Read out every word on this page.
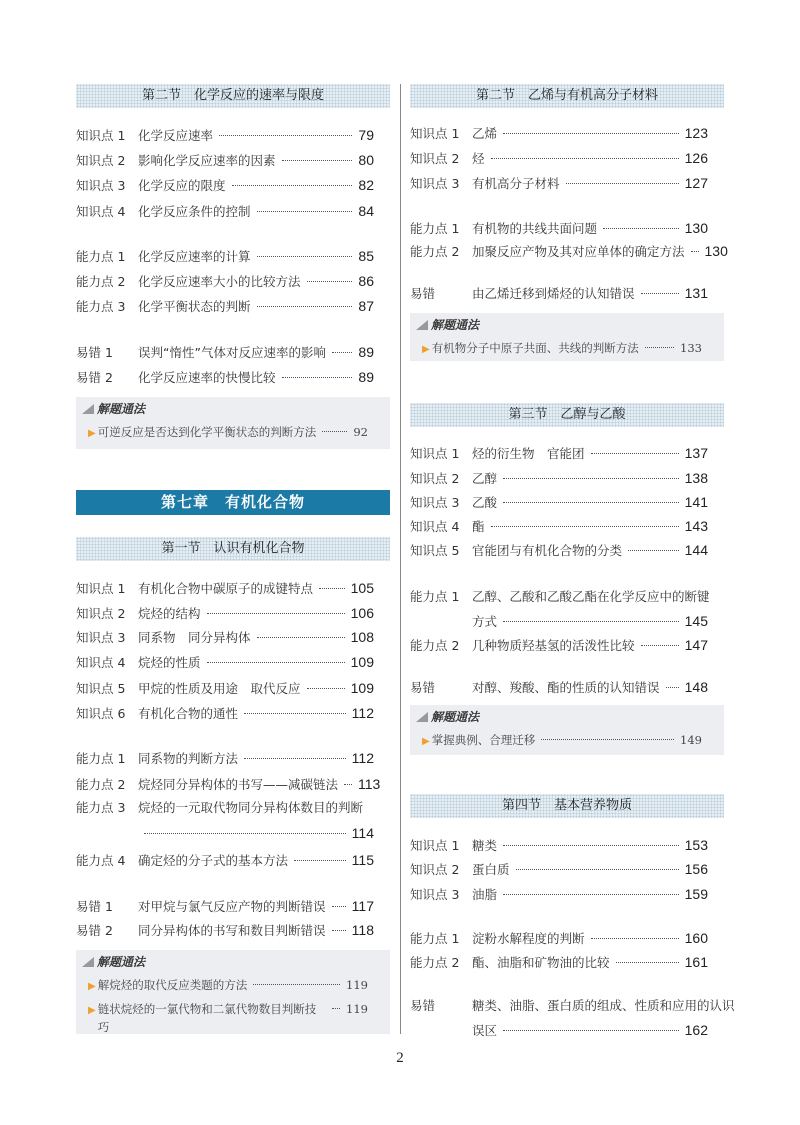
第二节　化学反应的速率与限度
知识点 1	化学反应速率	79
知识点 2	影响化学反应速率的因素	80
知识点 3	化学反应的限度	82
知识点 4	化学反应条件的控制	84
能力点 1	化学反应速率的计算	85
能力点 2	化学反应速率大小的比较方法	86
能力点 3	化学平衡状态的判断	87
易错 1	误判“惰性”气体对反应速率的影响 89
易错 2	化学反应速率的快慢比较	89
解题通法
▶ 可逆反应是否达到化学平衡状态的判断方法	92
第七章　有机化合物
第一节　认识有机化合物
知识点 1	有机化合物中碳原子的成键特点	105
知识点 2	烷烃的结构	106
知识点 3	同系物　同分异构体	108
知识点 4	烷烃的性质	109
知识点 5	甲烷的性质及用途　取代反应	109
知识点 6	有机化合物的通性	112
能力点 1	同系物的判断方法	112
能力点 2	烷烃同分异构体的书写——减碳链法 113
能力点 3	烷烃的一元取代物同分异构体数目的判断
114
能力点 4	确定烃的分子式的基本方法	115
易错 1	对甲烷与氯气反应产物的判断错误 117
易错 2	同分异构体的书写和数目判断错误 118
解题通法
▶ 解烷烃的取代反应类题的方法	119
▶ 链状烷烃的一氯代物和二氯代物数目判断技巧
119
第二节　乙烯与有机高分子材料
知识点 1	乙烯	123
知识点 2	烃	126
知识点 3	有机高分子材料	127
能力点 1	有机物的共线共面问题	130
能力点 2	加聚反应产物及其对应单体的确定方法 130
易错	由乙烯迁移到烯烃的认知错误	131
解题通法
▶ 有机物分子中原子共面、共线的判断方法	133
第三节　乙醇与乙酸
知识点 1	烃的衍生物　官能团	137
知识点 2	乙醇	138
知识点 3	乙酸	141
知识点 4	酯	143
知识点 5	官能团与有机化合物的分类	144
能力点 1	乙醇、乙酸和乙酸乙酯在化学反应中的断键
方式	145
能力点 2	几种物质羟基氢的活泼性比较	147
易错	对醇、羧酸、酯的性质的认知错误 148
解题通法
▶ 掌握典例、合理迁移	149
第四节　基本营养物质
知识点 1	糖类	153
知识点 2	蛋白质	156
知识点 3	油脂	159
能力点 1	淀粉水解程度的判断	160
能力点 2	酯、油脂和矿物油的比较	161
易错	糖类、油脂、蛋白质的组成、性质和应用的认识
误区	162
2
